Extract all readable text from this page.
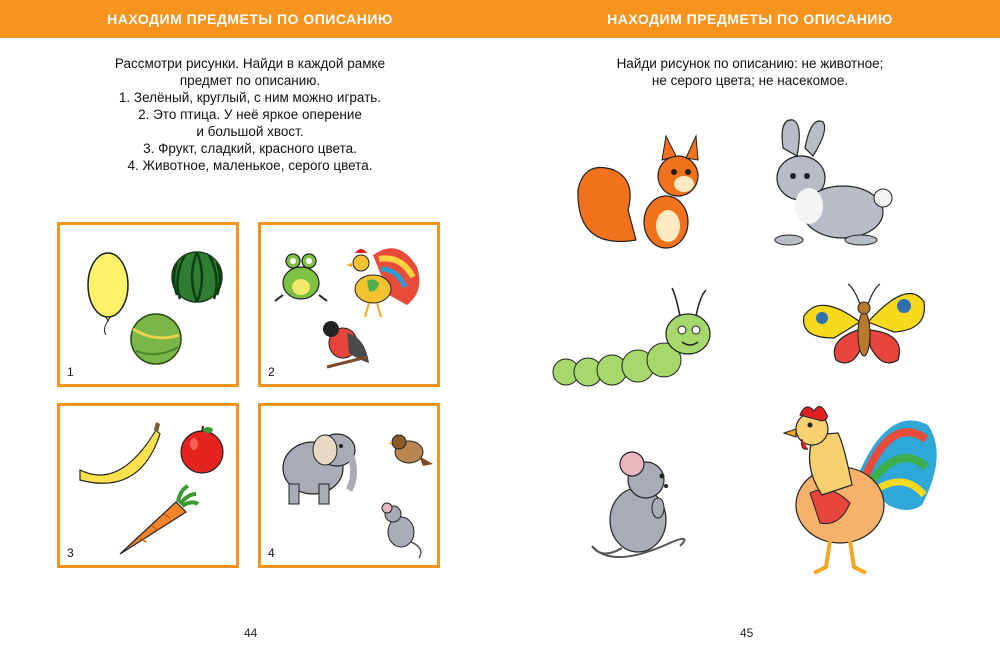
НАХОДИМ ПРЕДМЕТЫ ПО ОПИСАНИЮ
Рассмотри рисунки. Найди в каждой рамке
предмет по описанию.
1. Зелёный, круглый, с ним можно играть.
2. Это птица. У неё яркое оперение
и большой хвост.
3. Фрукт, сладкий, красного цвета.
4. Животное, маленькое, серого цвета.
1	2
3	4
44
НАХОДИМ ПРЕДМЕТЫ ПО ОПИСАНИЮ
Найди рисунок по описанию: не животное;
не серого цвета; не насекомое.
45
